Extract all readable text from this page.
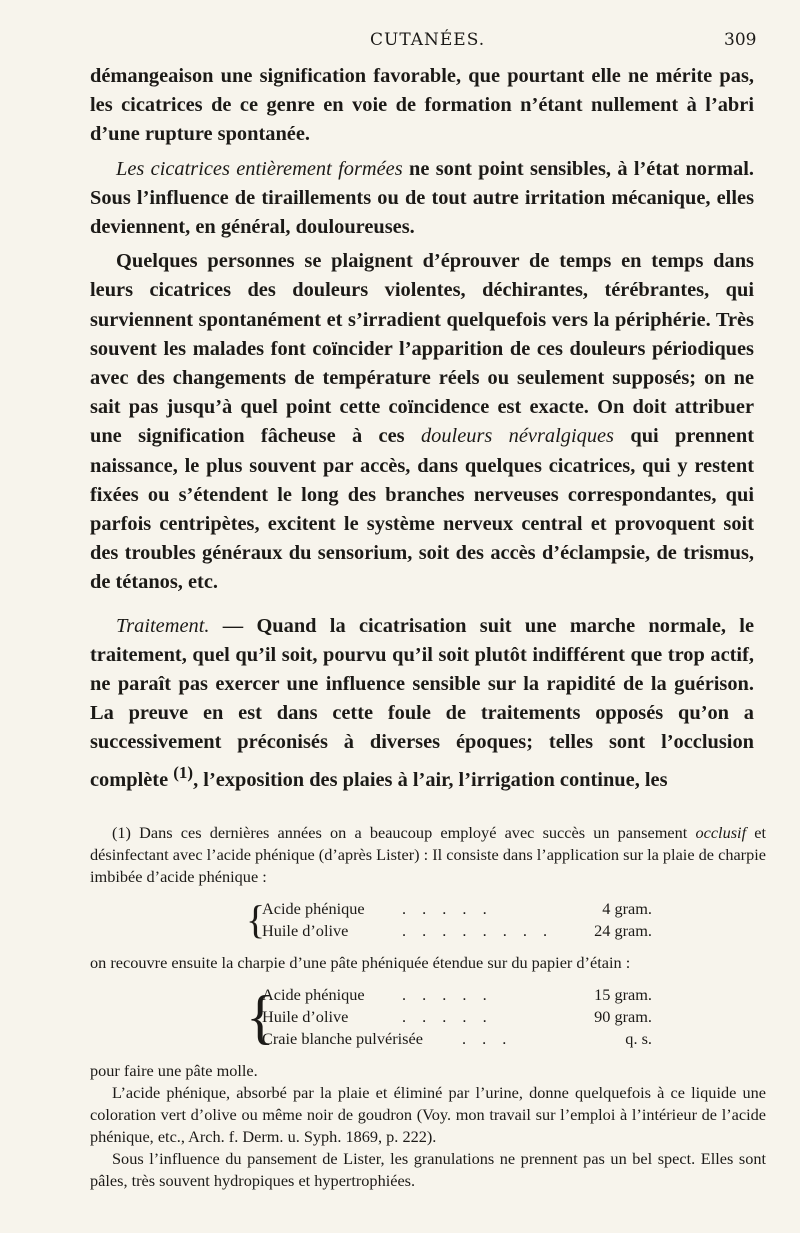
CUTANÉES.	309

démangeaison une signification favorable, que pourtant elle ne mérite pas, les cicatrices de ce genre en voie de formation n’étant nullement à l’abri d’une rupture spontanée.

Les cicatrices entièrement formées ne sont point sensibles, à l’état normal. Sous l’influence de tiraillements ou de tout autre irritation mécanique, elles deviennent, en général, douloureuses.

Quelques personnes se plaignent d’éprouver de temps en temps dans leurs cicatrices des douleurs violentes, déchirantes, térébrantes, qui surviennent spontanément et s’irradient quelquefois vers la périphérie. Très souvent les malades font coïncider l’apparition de ces douleurs périodiques avec des changements de température réels ou seulement supposés; on ne sait pas jusqu’à quel point cette coïncidence est exacte. On doit attribuer une signification fâcheuse à ces douleurs névralgiques qui prennent naissance, le plus souvent par accès, dans quelques cicatrices, qui y restent fixées ou s’étendent le long des branches nerveuses correspondantes, qui parfois centripètes, excitent le système nerveux central et provoquent soit des troubles généraux du sensorium, soit des accès d’éclampsie, de trismus, de tétanos, etc.

Traitement. — Quand la cicatrisation suit une marche normale, le traitement, quel qu’il soit, pourvu qu’il soit plutôt indifférent que trop actif, ne paraît pas exercer une influence sensible sur la rapidité de la guérison. La preuve en est dans cette foule de traitements opposés qu’on a successivement préconisés à diverses époques; telles sont l’occlusion complète $^{(1)}$, l’exposition des plaies à l’air, l’irrigation continue, les

(1) Dans ces dernières années on a beaucoup employé avec succès un pansement occlusif et désinfectant avec l’acide phénique (d’après Lister) : Il consiste dans l’application sur la plaie de charpie imbibée d’acide phénique :

{
Acide phénique	. . . . .	4 gram.
Huile d’olive	. . . . . . . .	24 gram.

on recouvre ensuite la charpie d’une pâte phéniquée étendue sur du papier d’étain :

{
Acide phénique	. . . . .	15 gram.
Huile d’olive	. . . . .	90 gram.
Craie blanche pulvérisée	. . .	q. s.

pour faire une pâte molle.

L’acide phénique, absorbé par la plaie et éliminé par l’urine, donne quelquefois à ce liquide une coloration vert d’olive ou même noir de goudron (Voy. mon travail sur l’emploi à l’intérieur de l’acide phénique, etc., Arch. f. Derm. u. Syph. 1869, p. 222).

Sous l’influence du pansement de Lister, les granulations ne prennent pas un bel spect. Elles sont pâles, très souvent hydropiques et hypertrophiées.
